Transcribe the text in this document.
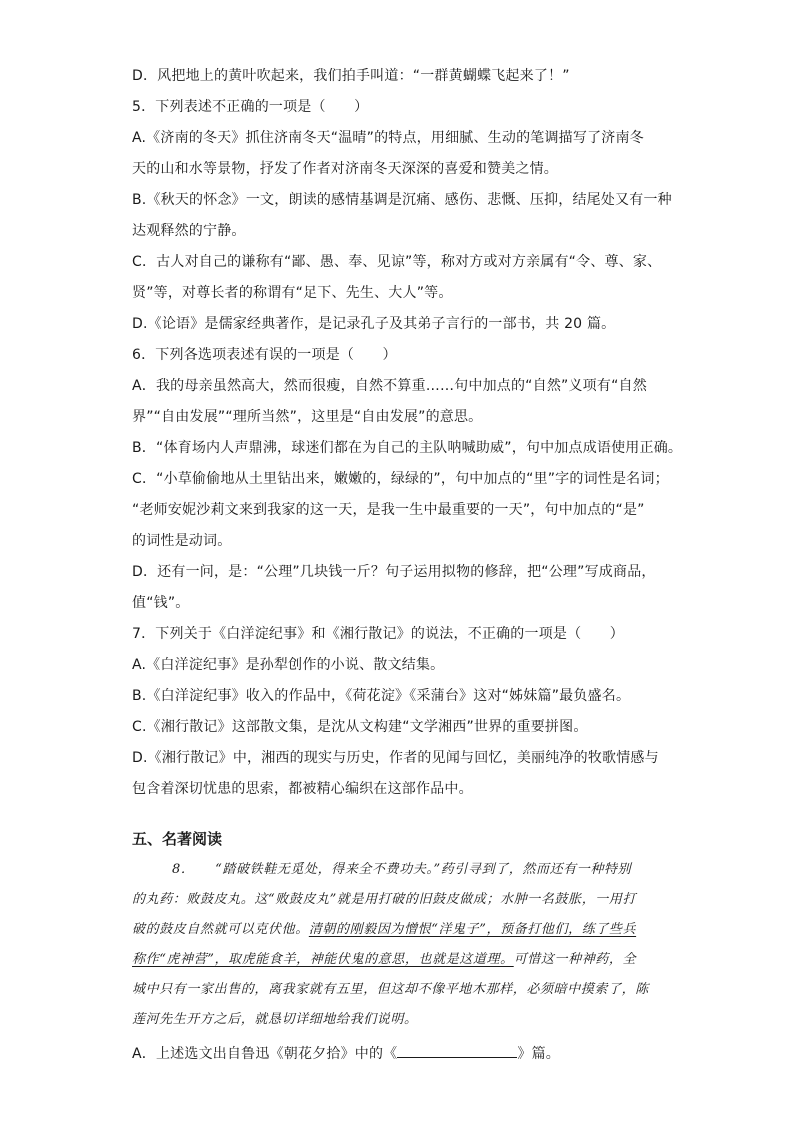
D．风把地上的黄叶吹起来，我们拍手叫道：“一群黄蝴蝶飞起来了！”
5．下列表述不正确的一项是（　　）
A.《济南的冬天》抓住济南冬天“温晴”的特点，用细腻、生动的笔调描写了济南冬
天的山和水等景物，抒发了作者对济南冬天深深的喜爱和赞美之情。
B.《秋天的怀念》一文，朗读的感情基调是沉痛、感伤、悲慨、压抑，结尾处又有一种
达观释然的宁静。
C．古人对自己的谦称有“鄙、愚、奉、见谅”等，称对方或对方亲属有“令、尊、家、
贤”等，对尊长者的称谓有“足下、先生、大人”等。
D.《论语》是儒家经典著作，是记录孔子及其弟子言行的一部书，共 20 篇。
6．下列各选项表述有误的一项是（　　）
A．我的母亲虽然高大，然而很瘦，自然不算重……句中加点的“自然”义项有“自然
界”“自由发展”“理所当然”，这里是“自由发展”的意思。
B．“体育场内人声鼎沸，球迷们都在为自己的主队呐喊助威”，句中加点成语使用正确。
C．“小草偷偷地从土里钻出来，嫩嫩的，绿绿的”，句中加点的“里”字的词性是名词；
“老师安妮沙莉文来到我家的这一天，是我一生中最重要的一天”，句中加点的“是”
的词性是动词。
D．还有一问，是：“公理”几块钱一斤？句子运用拟物的修辞，把“公理”写成商品，
值“钱”。
7．下列关于《白洋淀纪事》和《湘行散记》的说法，不正确的一项是（　　）
A.《白洋淀纪事》是孙犁创作的小说、散文结集。
B.《白洋淀纪事》收入的作品中，《荷花淀》《采蒲台》这对“姊妹篇”最负盛名。
C.《湘行散记》这部散文集，是沈从文构建“文学湘西”世界的重要拼图。
D.《湘行散记》中，湘西的现实与历史，作者的见闻与回忆，美丽纯净的牧歌情感与
包含着深切忧患的思索，都被精心编织在这部作品中。
五、名著阅读
8．　　“踏破铁鞋无觅处，得来全不费功夫。”药引寻到了，然而还有一种特别
的丸药：败鼓皮丸。这“败鼓皮丸”就是用打破的旧鼓皮做成；水肿一名鼓胀，一用打
破的鼓皮自然就可以克伏他。清朝的刚毅因为憎恨“洋鬼子”，预备打他们，练了些兵
称作“虎神营”，取虎能食羊，神能伏鬼的意思，也就是这道理。可惜这一种神药，全
城中只有一家出售的，离我家就有五里，但这却不像平地木那样，必须暗中摸索了，陈
莲河先生开方之后，就恳切详细地给我们说明。
A．上述选文出自鲁迅《朝花夕拾》中的《	》篇。
